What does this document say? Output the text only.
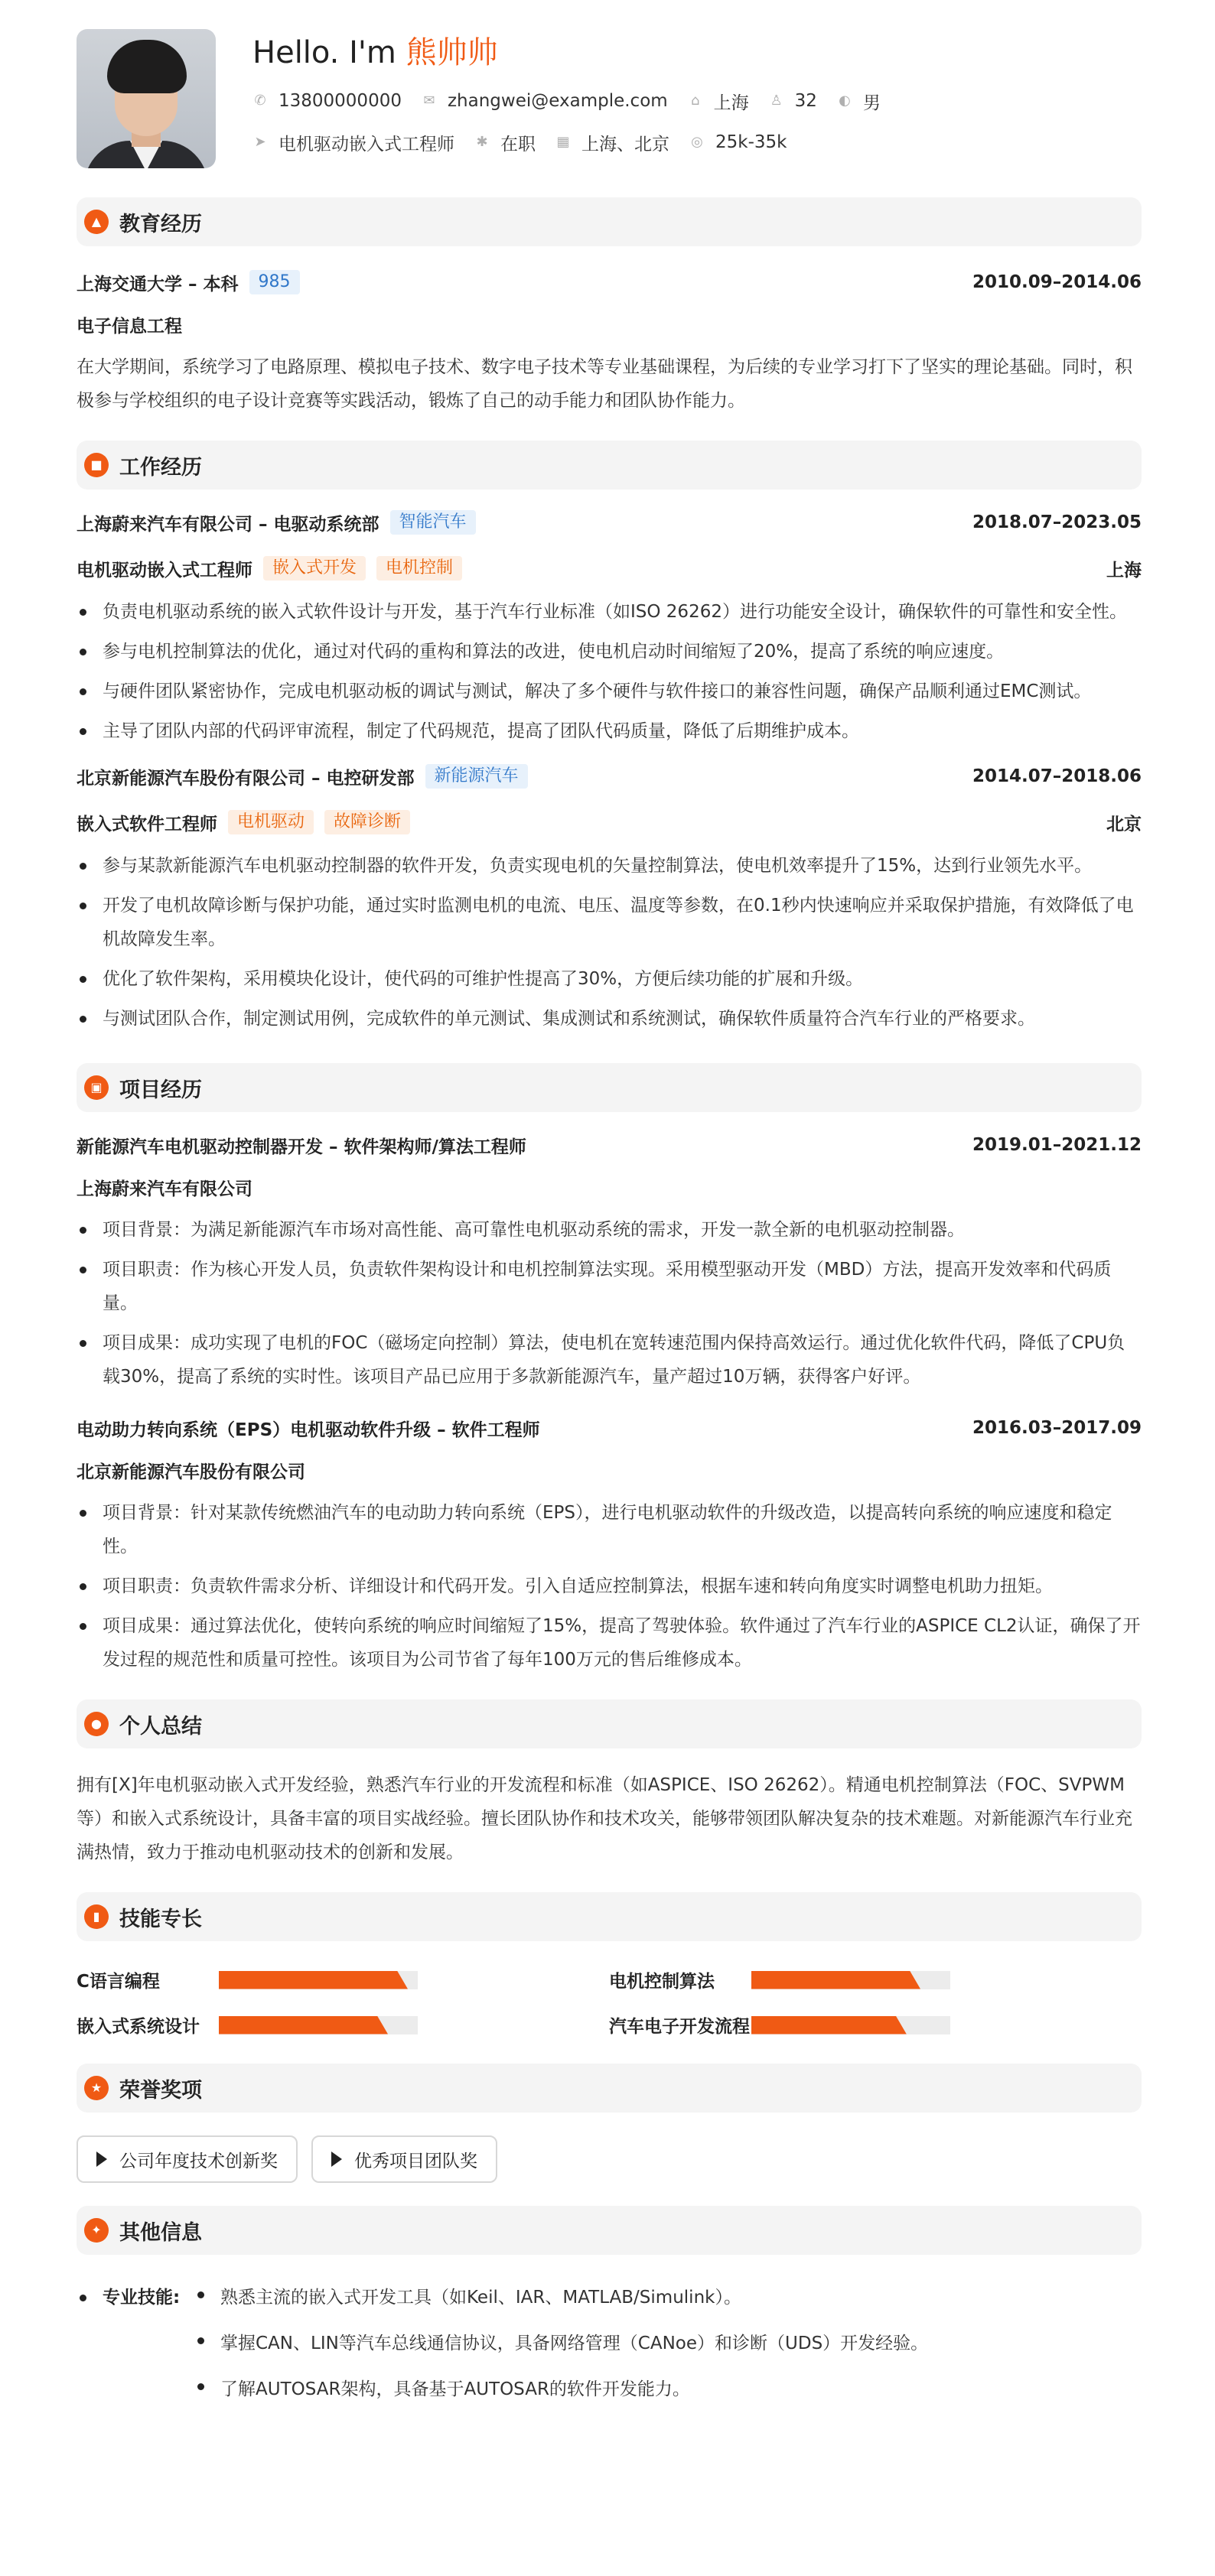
Hello. I'm 熊帅帅
✆ 13800000000 ✉ zhangwei@example.com ⌂ 上海 ♙ 32 ◐ 男
➤ 电机驱动嵌入式工程师 ✱ 在职 ▦ 上海、北京 ◎ 25k-35k
▲ 教育经历
上海交通大学 – 本科	985	2010.09–2014.06
电子信息工程
在大学期间，系统学习了电路原理、模拟电子技术、数字电子技术等专业基础课程，为后续的专业学习打下了坚实的理论基础。同时，积极参与学校组织的电子设计竞赛等实践活动，锻炼了自己的动手能力和团队协作能力。
■ 工作经历
上海蔚来汽车有限公司 – 电驱动系统部	智能汽车	2018.07–2023.05
电机驱动嵌入式工程师	嵌入式开发	电机控制	上海
负责电机驱动系统的嵌入式软件设计与开发，基于汽车行业标准（如ISO 26262）进行功能安全设计，确保软件的可靠性和安全性。
参与电机控制算法的优化，通过对代码的重构和算法的改进，使电机启动时间缩短了20%，提高了系统的响应速度。
与硬件团队紧密协作，完成电机驱动板的调试与测试，解决了多个硬件与软件接口的兼容性问题，确保产品顺利通过EMC测试。
主导了团队内部的代码评审流程，制定了代码规范，提高了团队代码质量，降低了后期维护成本。
北京新能源汽车股份有限公司 – 电控研发部	新能源汽车	2014.07–2018.06
嵌入式软件工程师	电机驱动	故障诊断	北京
参与某款新能源汽车电机驱动控制器的软件开发，负责实现电机的矢量控制算法，使电机效率提升了15%，达到行业领先水平。
开发了电机故障诊断与保护功能，通过实时监测电机的电流、电压、温度等参数，在0.1秒内快速响应并采取保护措施，有效降低了电机故障发生率。
优化了软件架构，采用模块化设计，使代码的可维护性提高了30%，方便后续功能的扩展和升级。
与测试团队合作，制定测试用例，完成软件的单元测试、集成测试和系统测试，确保软件质量符合汽车行业的严格要求。
▣ 项目经历
新能源汽车电机驱动控制器开发 – 软件架构师/算法工程师	2019.01–2021.12
上海蔚来汽车有限公司
项目背景：为满足新能源汽车市场对高性能、高可靠性电机驱动系统的需求，开发一款全新的电机驱动控制器。
项目职责：作为核心开发人员，负责软件架构设计和电机控制算法实现。采用模型驱动开发（MBD）方法，提高开发效率和代码质量。
项目成果：成功实现了电机的FOC（磁场定向控制）算法，使电机在宽转速范围内保持高效运行。通过优化软件代码，降低了CPU负载30%，提高了系统的实时性。该项目产品已应用于多款新能源汽车，量产超过10万辆，获得客户好评。
电动助力转向系统（EPS）电机驱动软件升级 – 软件工程师	2016.03–2017.09
北京新能源汽车股份有限公司
项目背景：针对某款传统燃油汽车的电动助力转向系统（EPS），进行电机驱动软件的升级改造，以提高转向系统的响应速度和稳定性。
项目职责：负责软件需求分析、详细设计和代码开发。引入自适应控制算法，根据车速和转向角度实时调整电机助力扭矩。
项目成果：通过算法优化，使转向系统的响应时间缩短了15%，提高了驾驶体验。软件通过了汽车行业的ASPICE CL2认证，确保了开发过程的规范性和质量可控性。该项目为公司节省了每年100万元的售后维修成本。
● 个人总结
拥有[X]年电机驱动嵌入式开发经验，熟悉汽车行业的开发流程和标准（如ASPICE、ISO 26262）。精通电机控制算法（FOC、SVPWM等）和嵌入式系统设计，具备丰富的项目实战经验。擅长团队协作和技术攻关，能够带领团队解决复杂的技术难题。对新能源汽车行业充满热情，致力于推动电机驱动技术的创新和发展。
▮ 技能专长
C语言编程	电机控制算法
嵌入式系统设计	汽车电子开发流程
★ 荣誉奖项
公司年度技术创新奖	优秀项目团队奖
✦ 其他信息
专业技能:	熟悉主流的嵌入式开发工具（如Keil、IAR、MATLAB/Simulink）。
掌握CAN、LIN等汽车总线通信协议，具备网络管理（CANoe）和诊断（UDS）开发经验。
了解AUTOSAR架构，具备基于AUTOSAR的软件开发能力。
